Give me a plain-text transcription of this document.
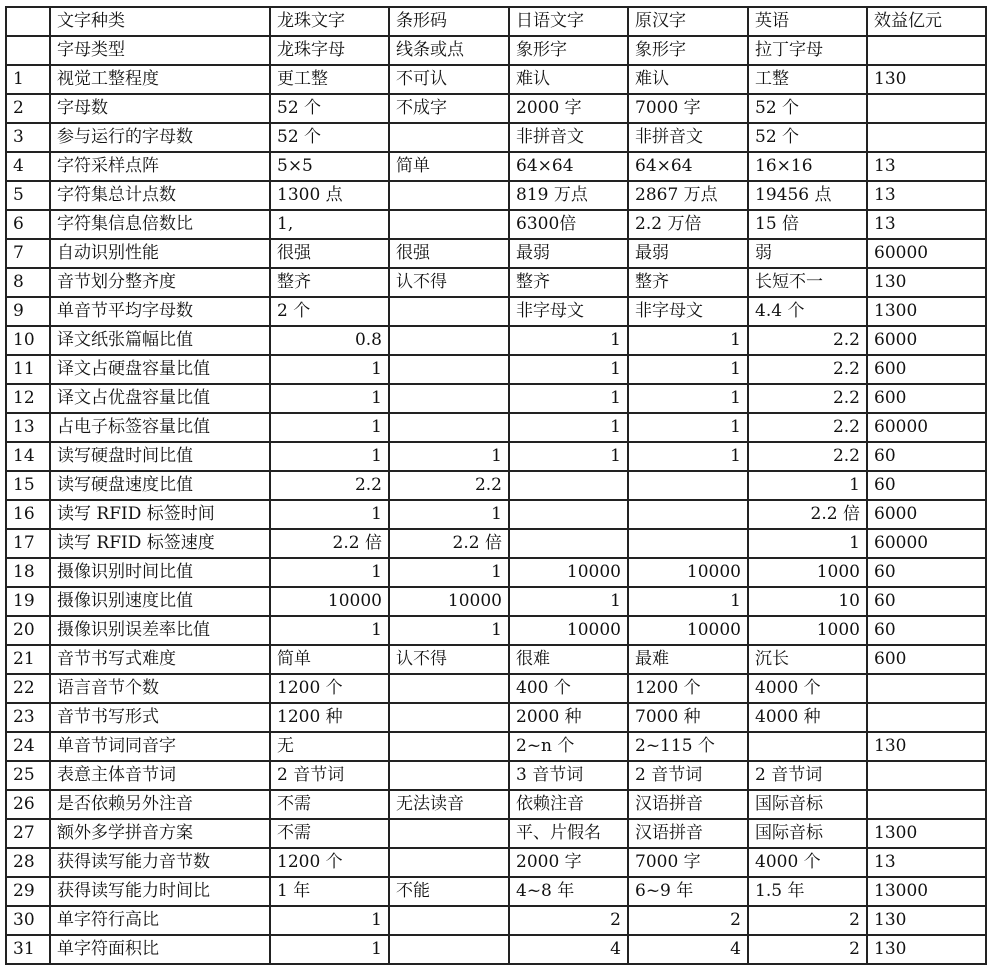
	文字种类	龙珠文字	条形码	日语文字	原汉字	英语	效益亿元
	字母类型	龙珠字母	线条或点	象形字	象形字	拉丁字母	
1	视觉工整程度	更工整	不可认	难认	难认	工整	130
2	字母数	52 个	不成字	2000 字	7000 字	52 个	
3	参与运行的字母数	52 个		非拼音文	非拼音文	52 个	
4	字符采样点阵	5×5	简单	64×64	64×64	16×16	13
5	字符集总计点数	1300 点		819 万点	2867 万点	19456 点	13
6	字符集信息倍数比	1,		6300倍	2.2 万倍	15 倍	13
7	自动识别性能	很强	很强	最弱	最弱	弱	60000
8	音节划分整齐度	整齐	认不得	整齐	整齐	长短不一	130
9	单音节平均字母数	2 个		非字母文	非字母文	4.4 个	1300
10	译文纸张篇幅比值	0.8		1	1	2.2	6000
11	译文占硬盘容量比值	1		1	1	2.2	600
12	译文占优盘容量比值	1		1	1	2.2	600
13	占电子标签容量比值	1		1	1	2.2	60000
14	读写硬盘时间比值	1	1	1	1	2.2	60
15	读写硬盘速度比值	2.2	2.2			1	60
16	读写 RFID 标签时间	1	1			2.2 倍	6000
17	读写 RFID 标签速度	2.2 倍	2.2 倍			1	60000
18	摄像识别时间比值	1	1	10000	10000	1000	60
19	摄像识别速度比值	10000	10000	1	1	10	60
20	摄像识别误差率比值	1	1	10000	10000	1000	60
21	音节书写式难度	简单	认不得	很难	最难	沉长	600
22	语言音节个数	1200 个		400 个	1200 个	4000 个	
23	音节书写形式	1200 种		2000 种	7000 种	4000 种	
24	单音节词同音字	无		2~n 个	2~115 个		130
25	表意主体音节词	2 音节词		3 音节词	2 音节词	2 音节词	
26	是否依赖另外注音	不需	无法读音	依赖注音	汉语拼音	国际音标	
27	额外多学拼音方案	不需		平、片假名	汉语拼音	国际音标	1300
28	获得读写能力音节数	1200 个		2000 字	7000 字	4000 个	13
29	获得读写能力时间比	1 年	不能	4~8 年	6~9 年	1.5 年	13000
30	单字符行高比	1		2	2	2	130
31	单字符面积比	1		4	4	2	130
